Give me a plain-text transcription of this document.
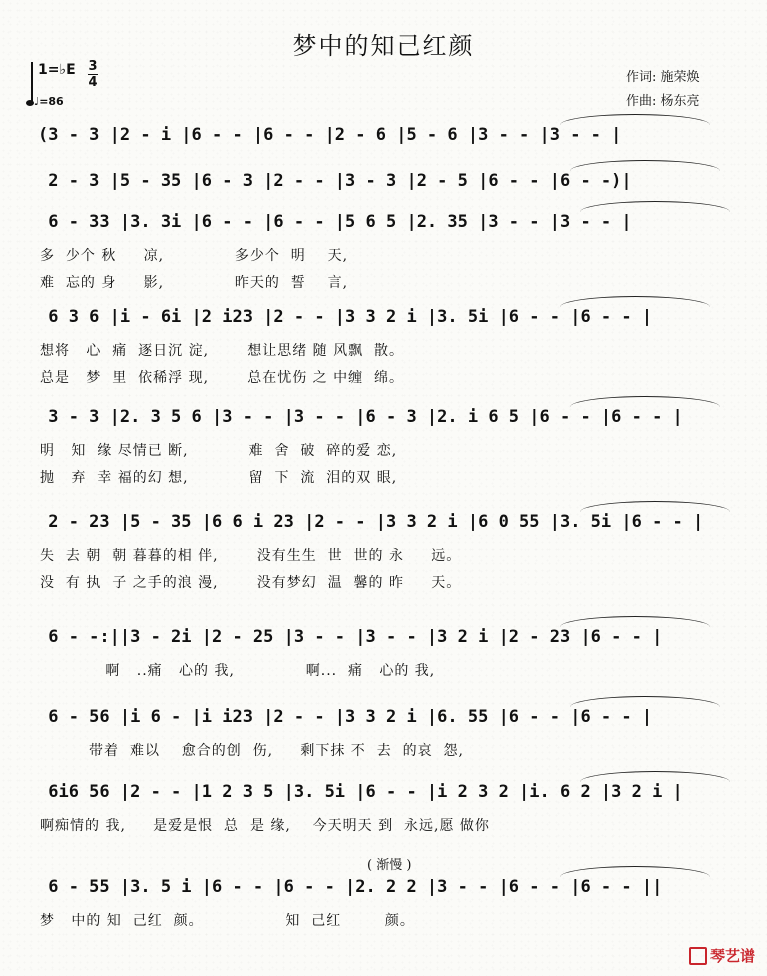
梦中的知己红颜
1=♭E 3
4
♩=86
作词: 施荣焕
作曲: 杨东亮
(3 - 3 |2 - i |6 - - |6 - - |2 - 6 |5 - 6 |3 - - |3 - - |
2 - 3 |5 - 35 |6 - 3 |2 - - |3 - 3 |2 - 5 |6 - - |6 - -)|
6 - 33 |3. 3i |6 - - |6 - - |5 6 5 |2. 35 |3 - - |3 - - |
多  少个 秋     凉,             多少个  明    天,
难  忘的 身     影,             昨天的  誓    言,
6 3 6 |i - 6i |2 i23 |2 - - |3 3 2 i |3. 5i |6 - - |6 - - |
想将   心  痛  逐日沉 淀,       想让思绪 随 风飘  散。
总是   梦  里  依稀浮 现,       总在忧伤 之 中缠  绵。
3 - 3 |2. 3 5 6 |3 - - |3 - - |6 - 3 |2. i 6 5 |6 - - |6 - - |
明   知  缘 尽情已 断,           难  舍  破  碎的爱 恋,
抛   弃  幸 福的幻 想,           留  下  流  泪的双 眼,
2 - 23 |5 - 35 |6 6 i 23 |2 - - |3 3 2 i |6 0 55 |3. 5i |6 - - |
失  去 朝  朝 暮暮的相 伴,       没有生生  世  世的 永     远。
没  有 执  子 之手的浪 漫,       没有梦幻  温  馨的 昨     天。
6 - -:||3 - 2i |2 - 25 |3 - - |3 - - |3 2 i |2 - 23 |6 - - |
啊   ..痛   心的 我,             啊...  痛   心的 我,
6 - 56 |i 6 - |i i23 |2 - - |3 3 2 i |6. 55 |6 - - |6 - - |
带着  难以    愈合的创  伤,     剩下抹 不  去  的哀  怨,
6i6 56 |2 - - |1 2 3 5 |3. 5i |6 - - |i 2 3 2 |i. 6 2 |3 2 i |
啊痴情的 我,     是爱是恨  总  是 缘,    今天明天 到  永远,愿 做你
6 - 55 |3. 5 i |6 - - |6 - - |2. 2 2 |3 - - |6 - - |6 - - ||
梦   中的 知  己红  颜。               知  己红        颜。
( 渐慢 )
琴艺谱
